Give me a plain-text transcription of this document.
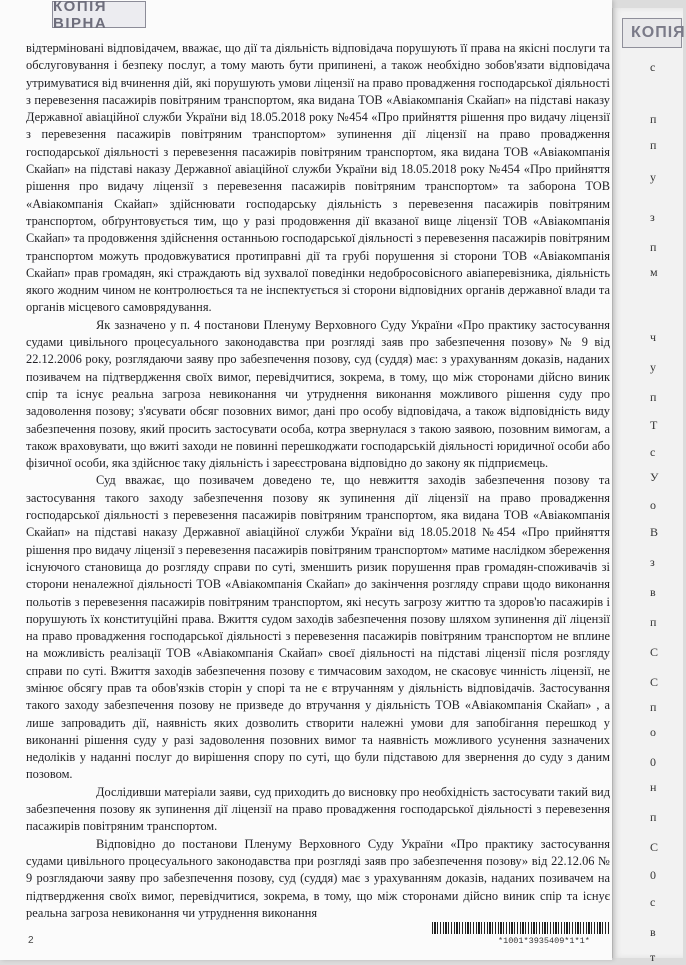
КОПІЯ
с
п
п
у
з
п
м
ч
у
п
Т
с
У
о
В
з
в
п
С
С
п
о
0
н
п
С
0
с
в
т
КОПІЯ ВІРНА

відтерміновані відповідачем, вважає, що дії та діяльність відповідача порушують її права на якісні послуги та обслуговування і безпеку послуг, а тому мають бути припинені, а також необхідно зобов'язати відповідача утримуватися від вчинення дій, які порушують умови ліцензії на право провадження господарської діяльності з перевезення пасажирів повітряним транспортом, яка видана ТОВ «Авіакомпанія Скайап» на підставі наказу Державної авіаційної служби України від 18.05.2018 року №454 «Про прийняття рішення про видачу ліцензії з перевезення пасажирів повітряним транспортом» зупинення дії ліцензії на право провадження господарської діяльності з перевезення пасажирів повітряним транспортом, яка видана ТОВ «Авіакомпанія Скайап» на підставі наказу Державної авіаційної служби України від 18.05.2018 року №454 «Про прийняття рішення про видачу ліцензії з перевезення пасажирів повітряним транспортом» та заборона ТОВ «Авіакомпанія Скайап» здійснювати господарську діяльність з перевезення пасажирів повітряним транспортом, обґрунтовується тим, що у разі продовження дії вказаної вище ліцензії ТОВ «Авіакомпанія Скайап» та продовження здійснення останньою господарської діяльності з перевезення пасажирів повітряним транспортом можуть продовжуватися протиправні дії та грубі порушення зі сторони ТОВ «Авіакомпанія Скайап» прав громадян, які страждають від зухвалої поведінки недобросовісного авіаперевізника, діяльність якого жодним чином не контролюється та не інспектується зі сторони відповідних органів державної влади та органів місцевого самоврядування.

Як зазначено у п. 4 постанови Пленуму Верховного Суду України «Про практику застосування судами цивільного процесуального законодавства при розгляді заяв про забезпечення позову» № 9 від 22.12.2006 року, розглядаючи заяву про забезпечення позову, суд (суддя) має: з урахуванням доказів, наданих позивачем на підтвердження своїх вимог, перевідчитися, зокрема, в тому, що між сторонами дійсно виник спір та існує реальна загроза невиконання чи утруднення виконання можливого рішення суду про задоволення позову; з'ясувати обсяг позовних вимог, дані про особу відповідача, а також відповідність виду забезпечення позову, який просить застосувати особа, котра звернулася з такою заявою, позовним вимогам, а також враховувати, що вжиті заходи не повинні перешкоджати господарській діяльності юридичної особи або фізичної особи, яка здійснює таку діяльність і зареєстрована відповідно до закону як підприємець.

Суд вважає, що позивачем доведено те, що невжиття заходів забезпечення позову та застосування такого заходу забезпечення позову як зупинення дії ліцензії на право провадження господарської діяльності з перевезення пасажирів повітряним транспортом, яка видана ТОВ «Авіакомпанія Скайап» на підставі наказу Державної авіаційної служби України від 18.05.2018 №454 «Про прийняття рішення про видачу ліцензії з перевезення пасажирів повітряним транспортом» матиме наслідком збереження існуючого становища до розгляду справи по суті, зменшить ризик порушення прав громадян-споживачів зі сторони неналежної діяльності ТОВ «Авіакомпанія Скайап» до закінчення розгляду справи щодо виконання польотів з перевезення пасажирів повітряним транспортом, які несуть загрозу життю та здоров'ю пасажирів і порушують їх конституційні права. Вжиття судом заходів забезпечення позову шляхом зупинення дії ліцензії на право провадження господарської діяльності з перевезення пасажирів повітряним транспортом не вплине на можливість реалізації ТОВ «Авіакомпанія Скайап» своєї діяльності на підставі ліцензії після розгляду справи по суті. Вжиття заходів забезпечення позову є тимчасовим заходом, не скасовує чинність ліцензії, не змінює обсягу прав та обов'язків сторін у спорі та не є втручанням у діяльність відповідачів. Застосування такого заходу забезпечення позову не призведе до втручання у діяльність ТОВ «Авіакомпанія Скайап» , а лише запровадить дії, наявність яких дозволить створити належні умови для запобігання перешкод у виконанні рішення суду у разі задоволення позовних вимог та наявність можливого усунення зазначених недоліків у наданні послуг до вирішення спору по суті, що були підставою для звернення до суду з даним позовом.

Дослідивши матеріали заяви, суд приходить до висновку про необхідність застосувати такий вид забезпечення позову як зупинення дії ліцензії на право провадження господарської діяльності з перевезення пасажирів повітряним транспортом.

Відповідно до постанови Пленуму Верховного Суду України «Про практику застосування судами цивільного процесуального законодавства при розгляді заяв про забезпечення позову» від 22.12.06 № 9 розглядаючи заяву про забезпечення позову, суд (суддя) має з урахуванням доказів, наданих позивачем на підтвердження своїх вимог, перевідчитися, зокрема, в тому, що між сторонами дійсно виник спір та існує реальна загроза невиконання чи утруднення виконання

2	*1001*3935409*1*1*
